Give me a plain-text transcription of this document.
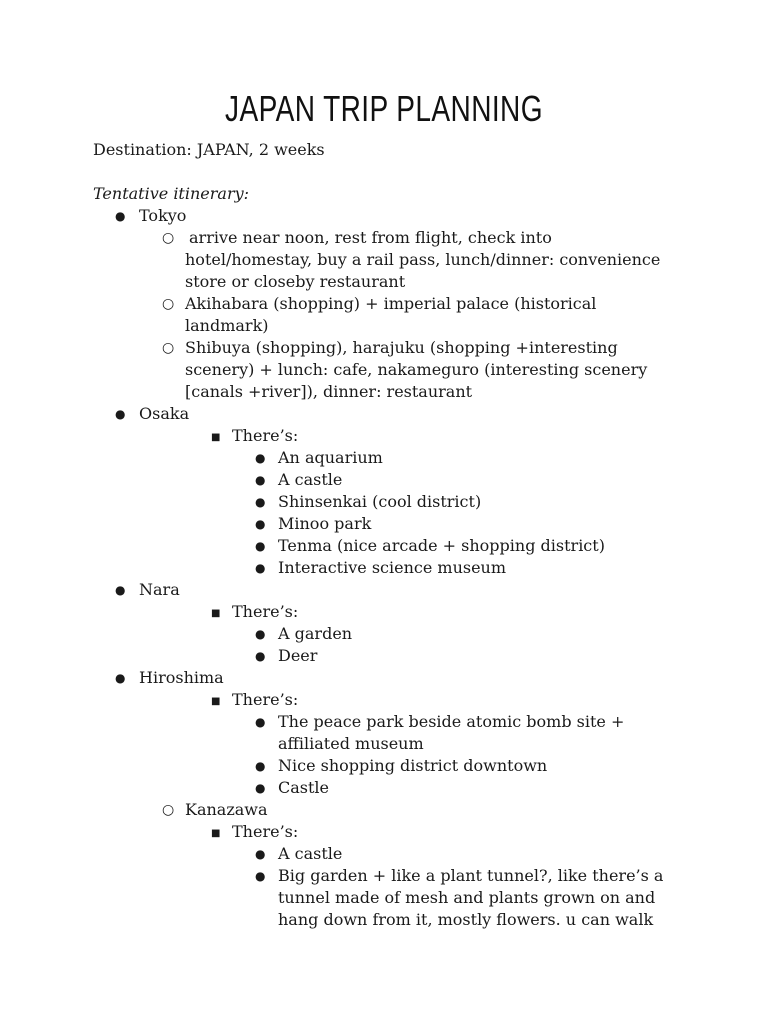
JAPAN TRIP PLANNING
Destination: JAPAN, 2 weeks
Tentative itinerary:
●
Tokyo
○
arrive near noon, rest from flight, check into
hotel/homestay, buy a rail pass, lunch/dinner: convenience
store or closeby restaurant
○
Akihabara (shopping) + imperial palace (historical
landmark)
○
Shibuya (shopping), harajuku (shopping +interesting
scenery) + lunch: cafe, nakameguro (interesting scenery
[canals +river]), dinner: restaurant
●
Osaka
■
There’s:
●
An aquarium
●
A castle
●
Shinsenkai (cool district)
●
Minoo park
●
Tenma (nice arcade + shopping district)
●
Interactive science museum
●
Nara
■
There’s:
●
A garden
●
Deer
●
Hiroshima
■
There’s:
●
The peace park beside atomic bomb site +
affiliated museum
●
Nice shopping district downtown
●
Castle
○
Kanazawa
■
There’s:
●
A castle
●
Big garden + like a plant tunnel?, like there’s a
tunnel made of mesh and plants grown on and
hang down from it, mostly flowers. u can walk
